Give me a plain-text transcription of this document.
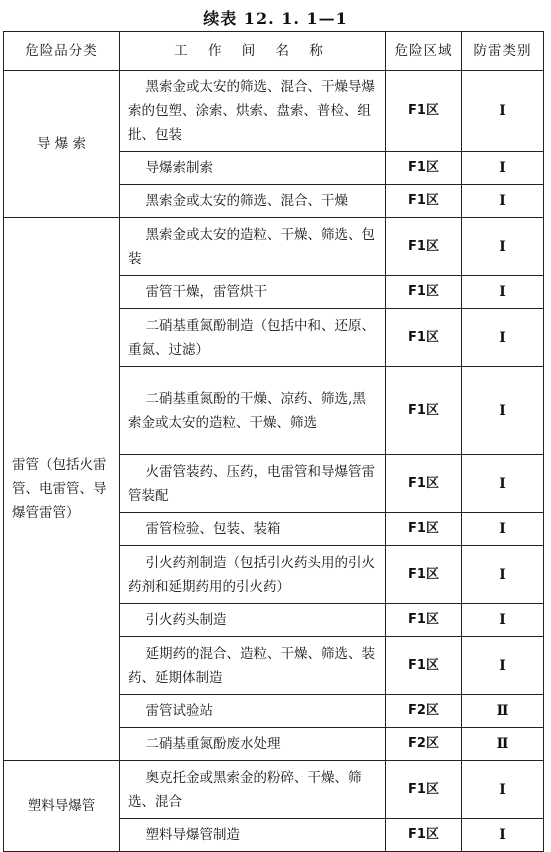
续表 12. 1. 1—1
危险品分类	工 作 间 名 称	危险区域	防雷类别
导 爆 索	黑索金或太安的筛选、混合、干燥导爆索的包塑、涂索、烘索、盘索、普检、组批、包装	F1区	Ⅰ
	导爆索制索	F1区	Ⅰ
	黑索金或太安的筛选、混合、干燥	F1区	Ⅰ
雷管（包括火雷管、电雷管、导爆管雷管）	黑索金或太安的造粒、干燥、筛选、包装	F1区	Ⅰ
	雷管干燥，雷管烘干	F1区	Ⅰ
	二硝基重氮酚制造（包括中和、还原、重氮、过滤）	F1区	Ⅰ
	二硝基重氮酚的干燥、凉药、筛选,黑索金或太安的造粒、干燥、筛选	F1区	Ⅰ
	火雷管装药、压药，电雷管和导爆管雷管装配	F1区	Ⅰ
	雷管检验、包装、装箱	F1区	Ⅰ
	引火药剂制造（包括引火药头用的引火药剂和延期药用的引火药）	F1区	Ⅰ
	引火药头制造	F1区	Ⅰ
	延期药的混合、造粒、干燥、筛选、装药、延期体制造	F1区	Ⅰ
	雷管试验站	F2区	Ⅱ
	二硝基重氮酚废水处理	F2区	Ⅱ
塑料导爆管	奥克托金或黑索金的粉碎、干燥、筛选、混合	F1区	Ⅰ
	塑料导爆管制造	F1区	Ⅰ
